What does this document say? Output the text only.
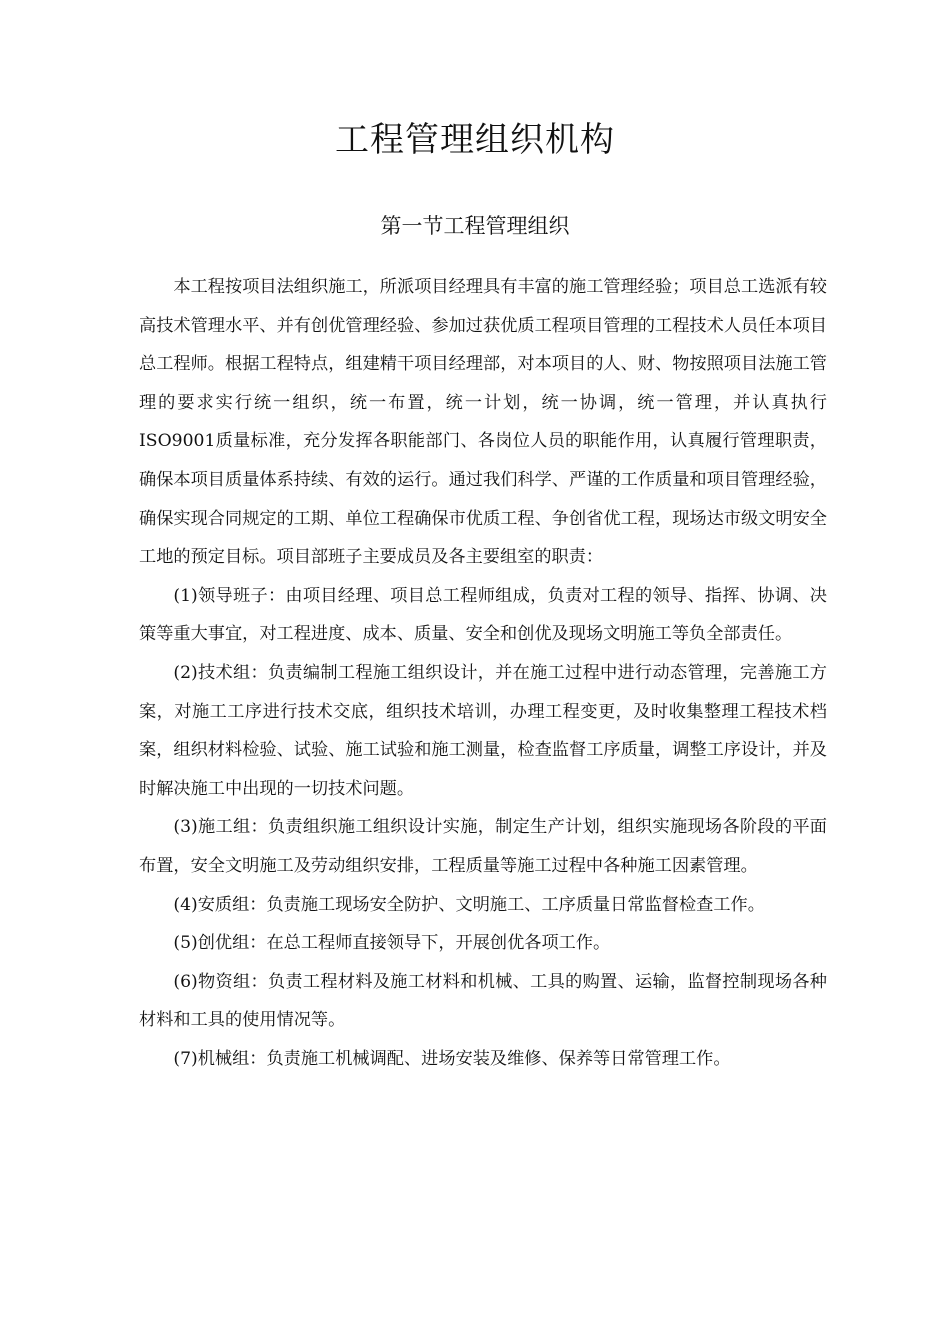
工程管理组织机构
第一节工程管理组织

本工程按项目法组织施工，所派项目经理具有丰富的施工管理经验；项目总工选派有较高技术管理水平、并有创优管理经验、参加过获优质工程项目管理的工程技术人员任本项目总工程师。根据工程特点，组建精干项目经理部，对本项目的人、财、物按照项目法施工管理的要求实行统一组织，统一布置，统一计划，统一协调，统一管理，并认真执行ISO9001质量标准，充分发挥各职能部门、各岗位人员的职能作用，认真履行管理职责，确保本项目质量体系持续、有效的运行。通过我们科学、严谨的工作质量和项目管理经验，确保实现合同规定的工期、单位工程确保市优质工程、争创省优工程，现场达市级文明安全工地的预定目标。项目部班子主要成员及各主要组室的职责：

(1)领导班子：由项目经理、项目总工程师组成，负责对工程的领导、指挥、协调、决策等重大事宜，对工程进度、成本、质量、安全和创优及现场文明施工等负全部责任。

(2)技术组：负责编制工程施工组织设计，并在施工过程中进行动态管理，完善施工方案，对施工工序进行技术交底，组织技术培训，办理工程变更，及时收集整理工程技术档案，组织材料检验、试验、施工试验和施工测量，检查监督工序质量，调整工序设计，并及时解决施工中出现的一切技术问题。

(3)施工组：负责组织施工组织设计实施，制定生产计划，组织实施现场各阶段的平面布置，安全文明施工及劳动组织安排，工程质量等施工过程中各种施工因素管理。

(4)安质组：负责施工现场安全防护、文明施工、工序质量日常监督检查工作。

(5)创优组：在总工程师直接领导下，开展创优各项工作。

(6)物资组：负责工程材料及施工材料和机械、工具的购置、运输，监督控制现场各种材料和工具的使用情况等。

(7)机械组：负责施工机械调配、进场安装及维修、保养等日常管理工作。
